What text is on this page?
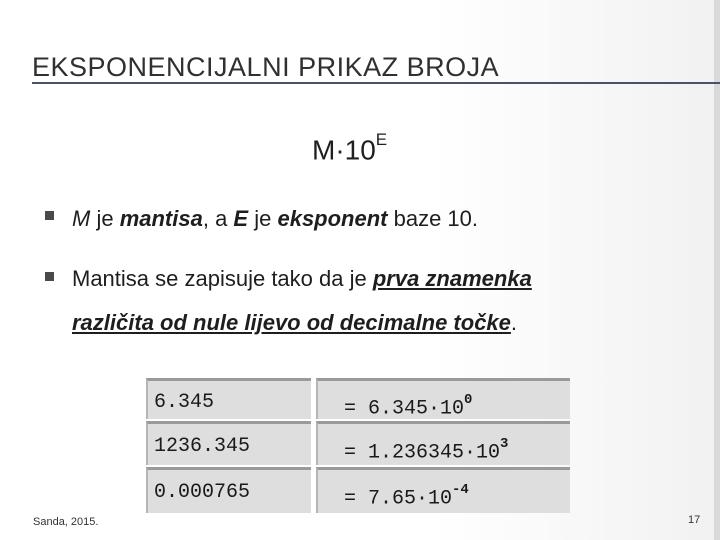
EKSPONENCIJALNI PRIKAZ BROJA
$M\cdot 10^E$
M je mantisa, a E je eksponent baze 10.
Mantisa se zapisuje tako da je prva znamenka
različita od nule lijevo od decimalne točke.
6.345	= $6.345\cdot 10^0$
1236.345	= $1.236345\cdot 10^3$
0.000765	= $7.65\cdot 10^{-4}$
Sanda, 2015.	17
